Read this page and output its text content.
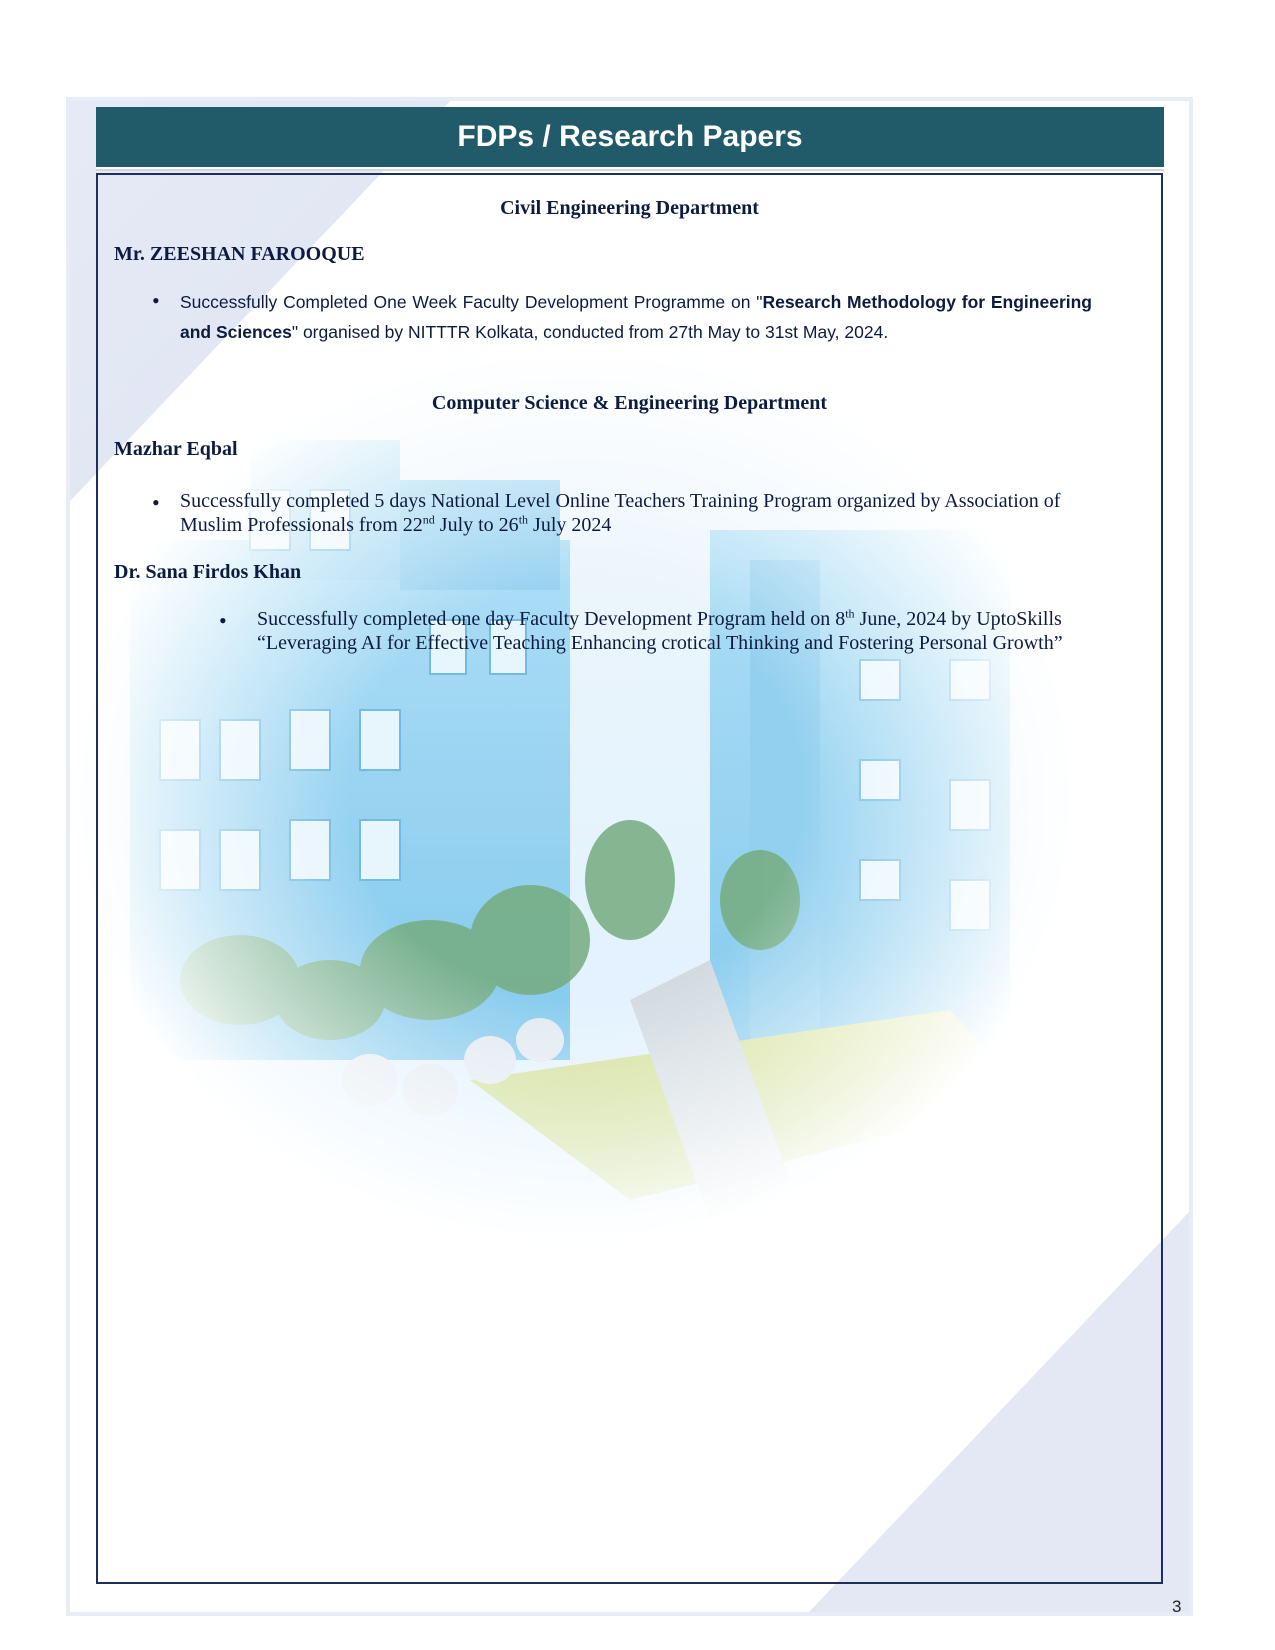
FDPs / Research Papers
Civil Engineering Department
Mr. ZEESHAN FAROOQUE
• Successfully Completed One Week Faculty Development Programme on "Research Methodology for Engineering and Sciences" organised by NITTTR Kolkata, conducted from 27th May to 31st May, 2024.
Computer Science & Engineering Department
Mazhar Eqbal
• Successfully completed 5 days National Level Online Teachers Training Program organized by Association of Muslim Professionals from 22nd July to 26th July 2024
Dr. Sana Firdos Khan
• Successfully completed one day Faculty Development Program held on 8th June, 2024 by UptoSkills
“Leveraging AI for Effective Teaching Enhancing crotical Thinking and Fostering Personal Growth”
3
